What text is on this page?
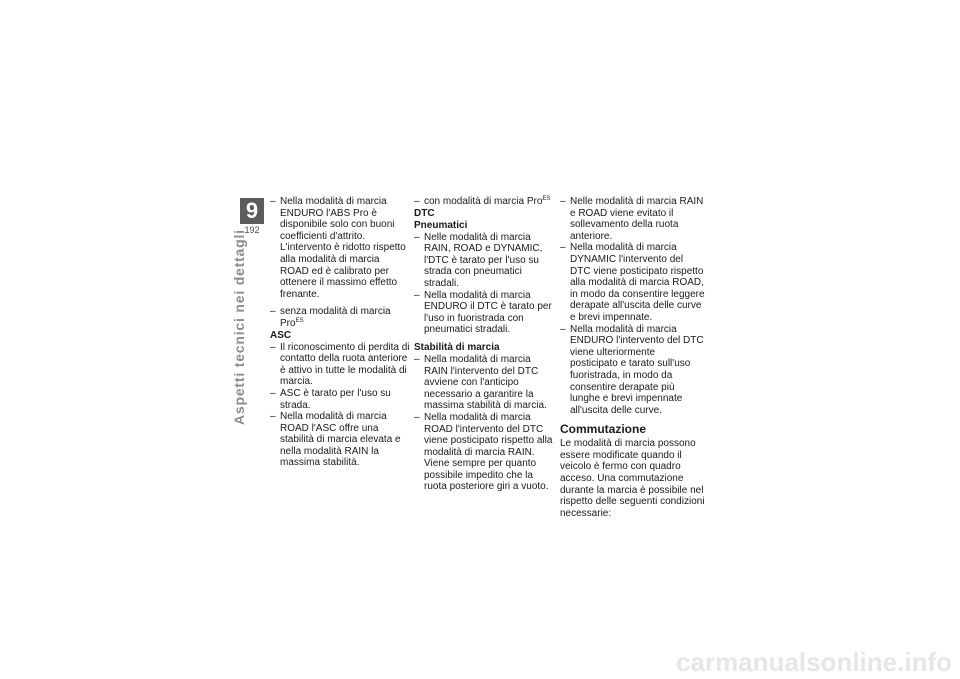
9
192
Aspetti tecnici nei dettagli
– Nella modalità di marcia ENDURO l'ABS Pro è disponibile solo con buoni coefficienti d'attrito. L'intervento è ridotto rispetto alla modalità di marcia ROAD ed è calibrato per ottenere il massimo effetto frenante.
– senza modalità di marcia Pro$^{ES}$
ASC
– Il riconoscimento di perdita di contatto della ruota anteriore è attivo in tutte le modalità di marcia.
– ASC è tarato per l'uso su strada.
– Nella modalità di marcia ROAD l'ASC offre una stabilità di marcia elevata e nella modalità RAIN la massima stabilità.
– con modalità di marcia Pro$^{ES}$
DTC
Pneumatici
– Nelle modalità di marcia RAIN, ROAD e DYNAMIC, l'DTC è tarato per l'uso su strada con pneumatici stradali.
– Nella modalità di marcia ENDURO il DTC è tarato per l'uso in fuoristrada con pneumatici stradali.
Stabilità di marcia
– Nella modalità di marcia RAIN l'intervento del DTC avviene con l'anticipo necessario a garantire la massima stabilità di marcia.
– Nella modalità di marcia ROAD l'intervento del DTC viene posticipato rispetto alla modalità di marcia RAIN. Viene sempre per quanto possibile impedito che la ruota posteriore giri a vuoto.
– Nelle modalità di marcia RAIN e ROAD viene evitato il sollevamento della ruota anteriore.
– Nella modalità di marcia DYNAMIC l'intervento del DTC viene posticipato rispetto alla modalità di marcia ROAD, in modo da consentire leggere derapate all'uscita delle curve e brevi impennate.
– Nella modalità di marcia ENDURO l'intervento del DTC viene ulteriormente posticipato e tarato sull'uso fuoristrada, in modo da consentire derapate più lunghe e brevi impennate all'uscita delle curve.
Commutazione

Le modalità di marcia possono essere modificate quando il veicolo è fermo con quadro acceso. Una commutazione durante la marcia è possibile nel rispetto delle seguenti condizioni necessarie:

carmanualsonline.info
